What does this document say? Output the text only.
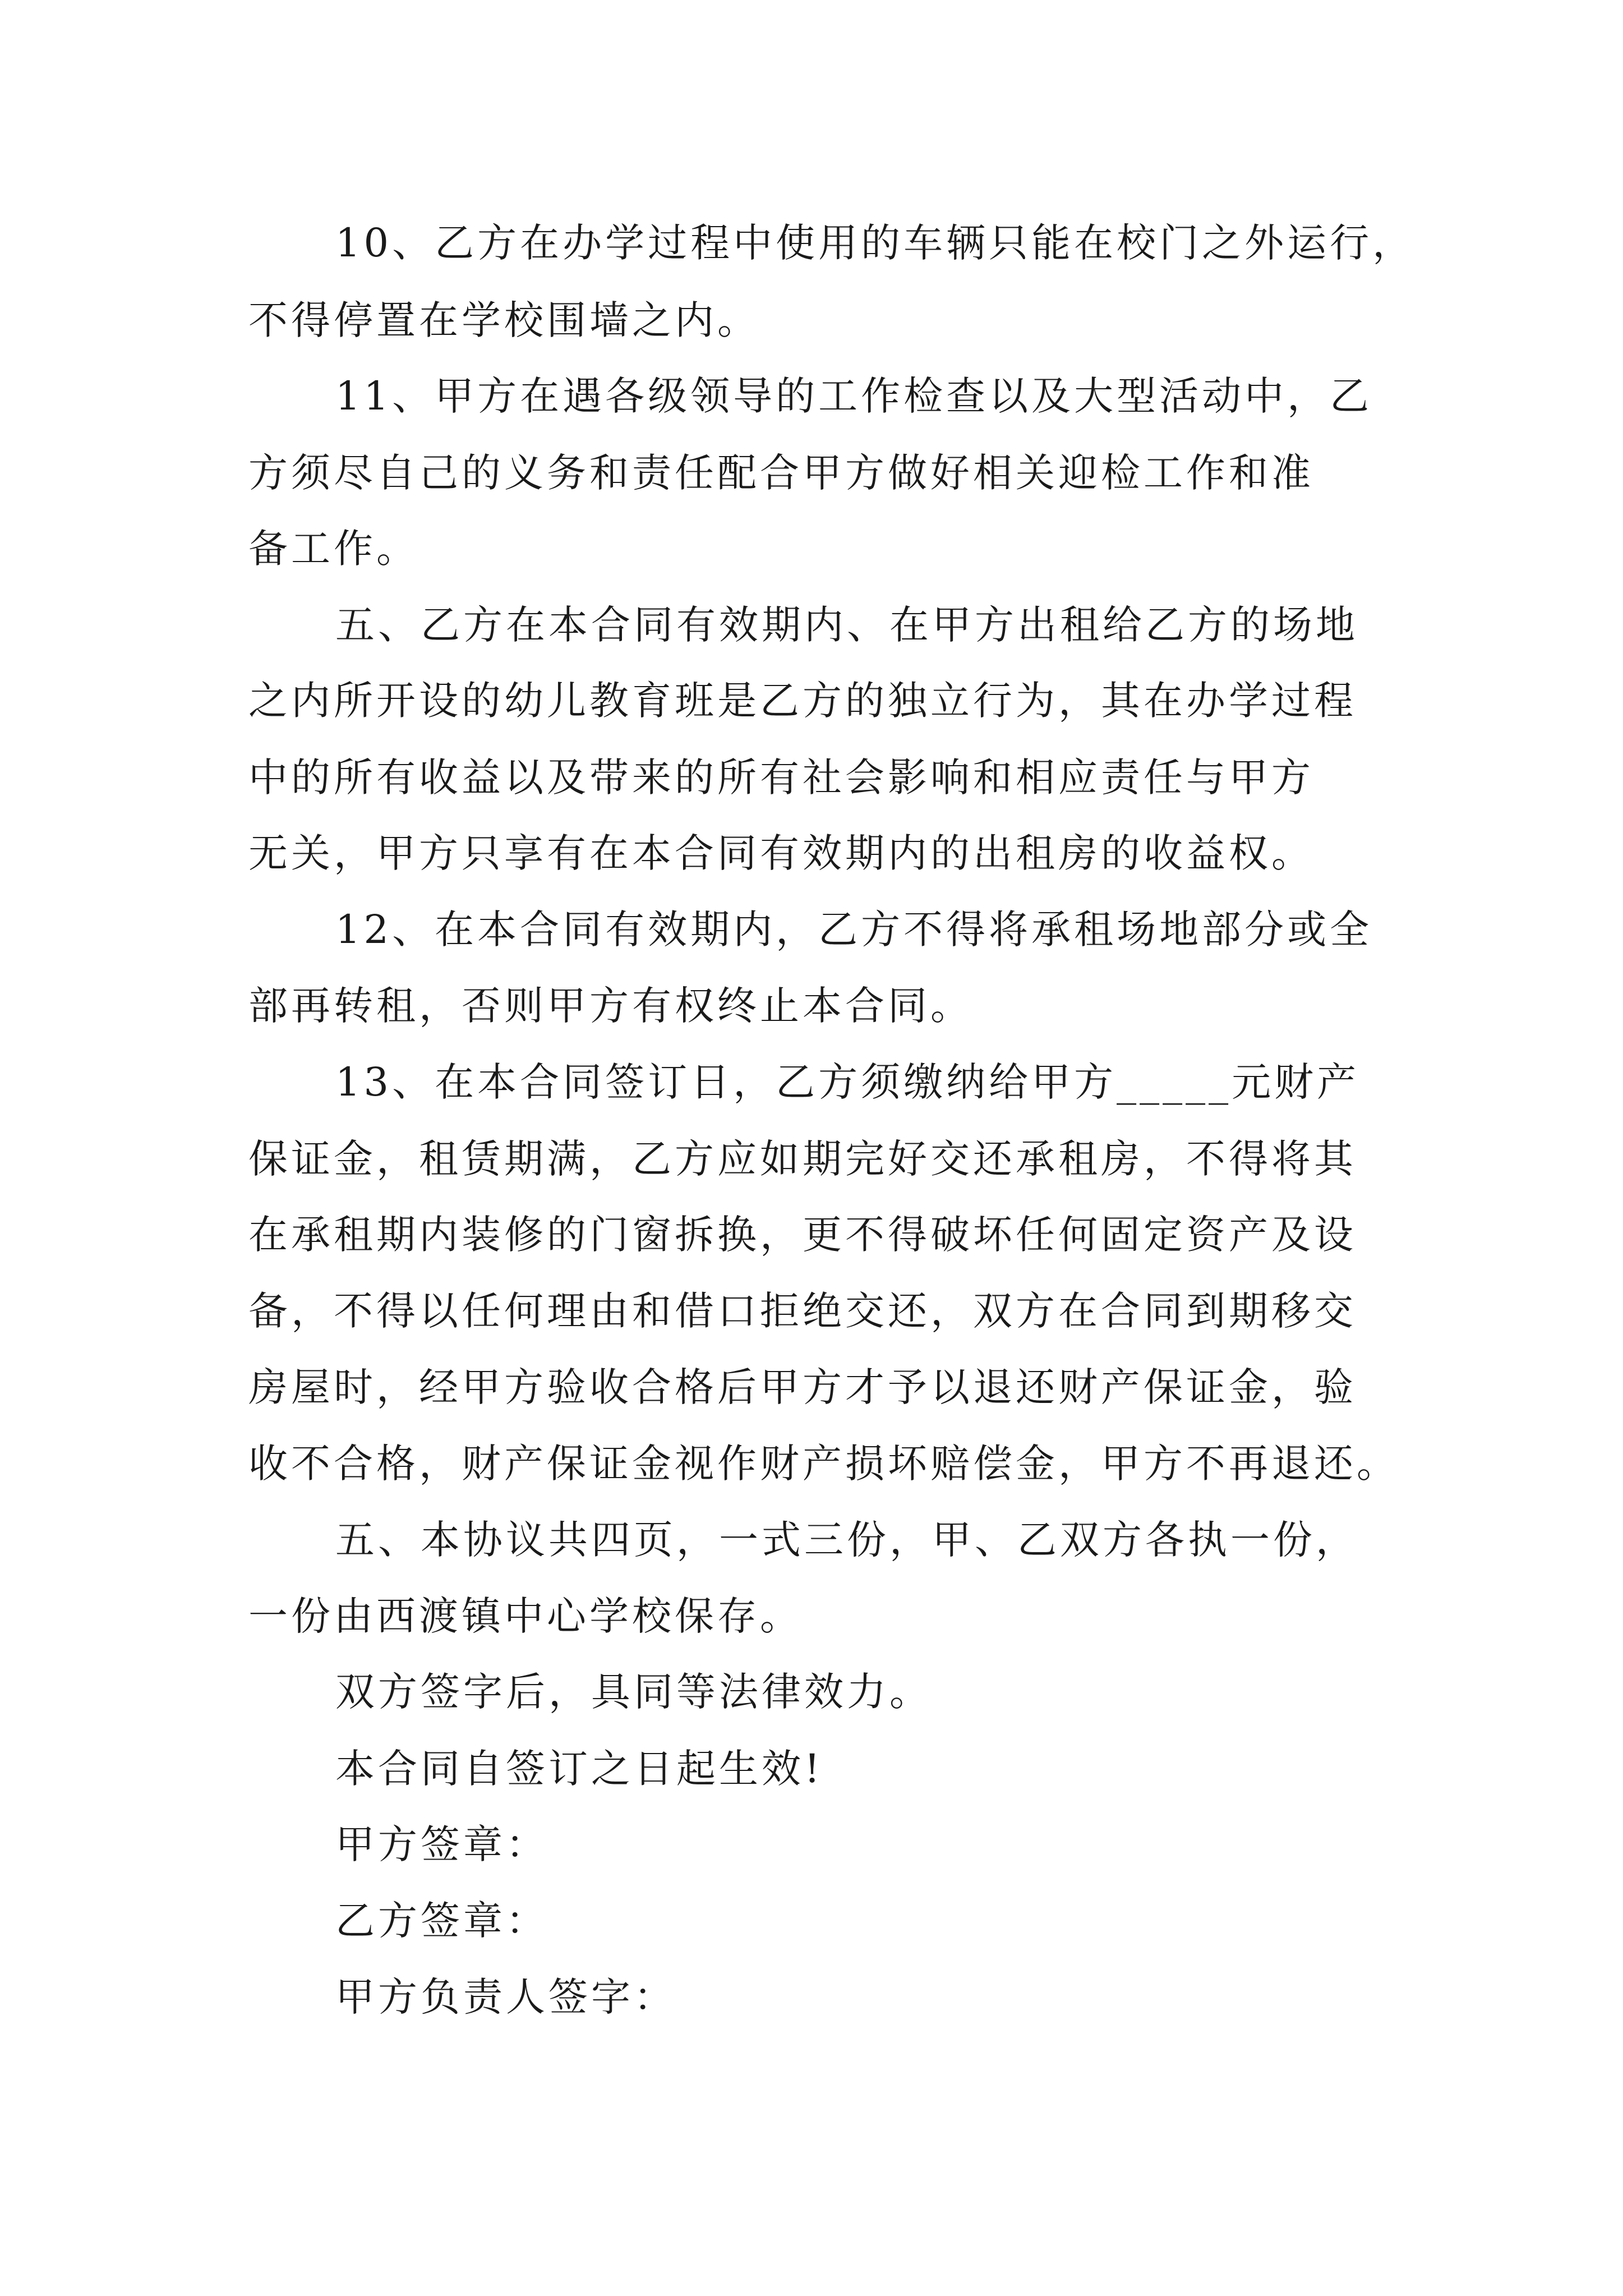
10、乙方在办学过程中使用的车辆只能在校门之外运行，

不得停置在学校围墙之内。

11、甲方在遇各级领导的工作检查以及大型活动中，乙

方须尽自己的义务和责任配合甲方做好相关迎检工作和准

备工作。

五、乙方在本合同有效期内、在甲方出租给乙方的场地

之内所开设的幼儿教育班是乙方的独立行为，其在办学过程

中的所有收益以及带来的所有社会影响和相应责任与甲方

无关，甲方只享有在本合同有效期内的出租房的收益权。

12、在本合同有效期内，乙方不得将承租场地部分或全

部再转租，否则甲方有权终止本合同。

13、在本合同签订日，乙方须缴纳给甲方_____元财产

保证金，租赁期满，乙方应如期完好交还承租房，不得将其

在承租期内装修的门窗拆换，更不得破坏任何固定资产及设

备，不得以任何理由和借口拒绝交还，双方在合同到期移交

房屋时，经甲方验收合格后甲方才予以退还财产保证金，验

收不合格，财产保证金视作财产损坏赔偿金，甲方不再退还。

五、本协议共四页，一式三份，甲、乙双方各执一份，

一份由西渡镇中心学校保存。

双方签字后，具同等法律效力。

本合同自签订之日起生效!

甲方签章：

乙方签章：

甲方负责人签字：
